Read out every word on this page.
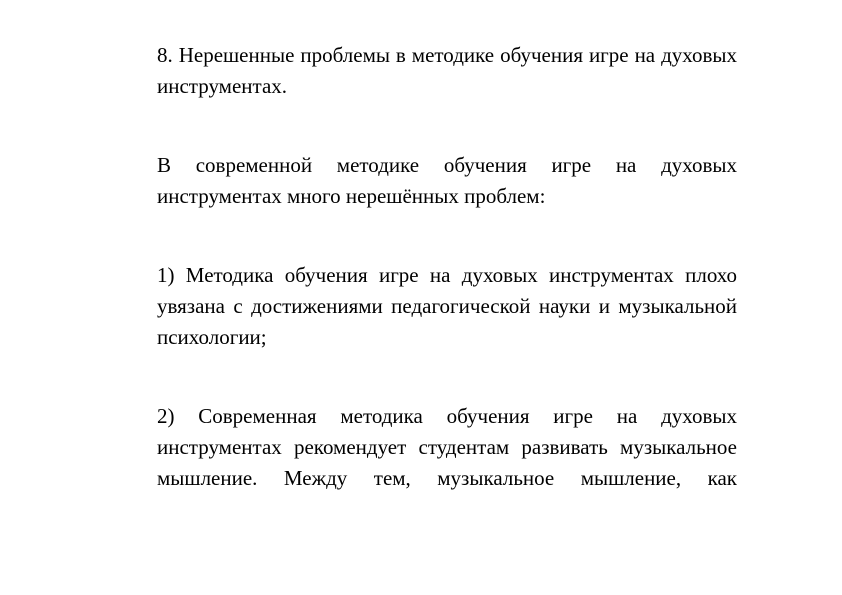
8. Нерешенные проблемы в методике обучения игре на духовых инструментах.

В современной методике обучения игре на духовых инструментах много нерешённых проблем:

1) Методика обучения игре на духовых инструментах плохо увязана с достижениями педагогической науки и музыкальной психологии;

2) Современная методика обучения игре на духовых инструментах рекомендует студентам развивать музыкальное мышление. Между тем, музыкальное мышление, как
